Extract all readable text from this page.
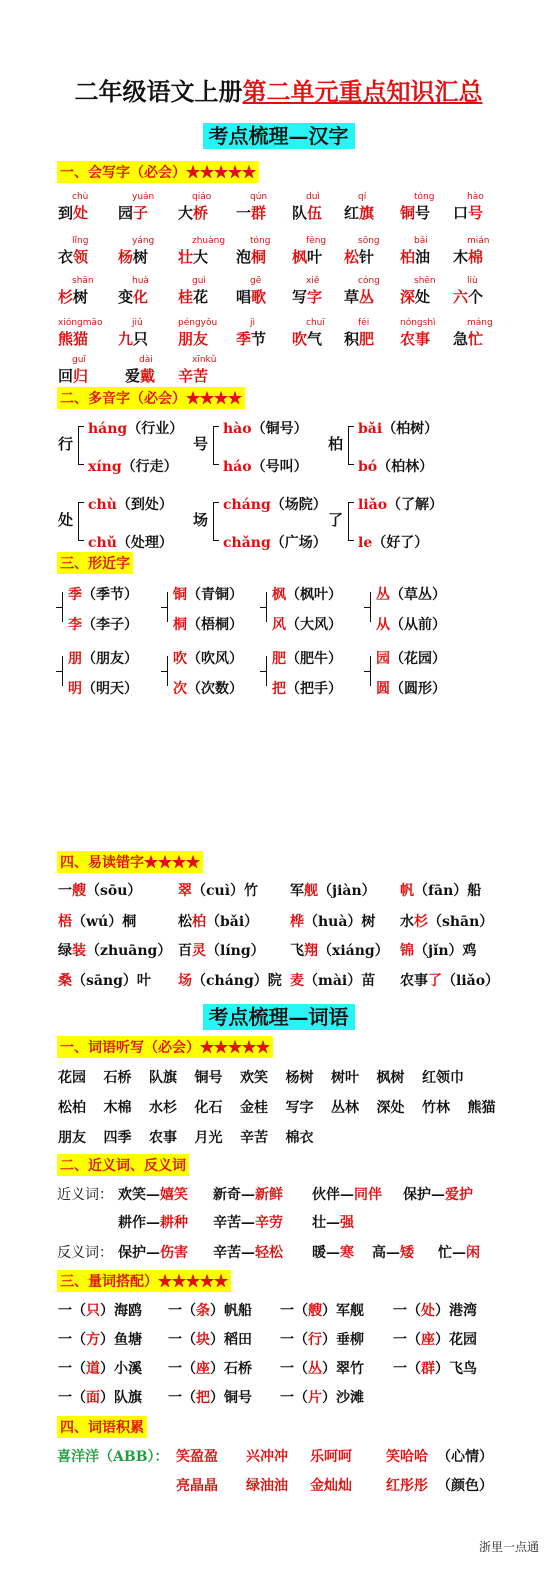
二年级语文上册第二单元重点知识汇总
考点梳理—汉字
一、会写字（必会）★★★★★
chù
到处
yuán
园子
qiáo
大桥
qún
一群
duì
队伍
qí
红旗
tóng
铜号
hào
口号
lǐng
衣领
yáng
杨树
zhuàng
壮大
tóng
泡桐
fēng
枫叶
sōng
松针
bǎi
柏油
mián
木棉
shān
杉树
huà
变化
guì
桂花
gē
唱歌
xiě
写字
cóng
草丛
shēn
深处
liù
六个
xióngmāo
熊猫
jiǔ
九只
péngyǒu
朋友
jì
季节
chuī
吹气
féi
积肥
nóngshì
农事
máng
急忙
guī
回归
dài
爱戴
xīnkǔ
辛苦
二、多音字（必会）★★★★
行
háng（行业）
xíng（行走）
号
hào（铜号）
háo（号叫）
柏
bǎi（柏树）
bó（柏林）
处
chù（到处）
chǔ（处理）
场
cháng（场院）
chǎng（广场）
了
liǎo（了解）
le（好了）
三、形近字
季（季节）
李（李子）
铜（青铜）
桐（梧桐）
枫（枫叶）
风（大风）
丛（草丛）
从（从前）
朋（朋友）
明（明天）
吹（吹风）
次（次数）
肥（肥牛）
把（把手）
园（花园）
圆（圆形）
四、易读错字★★★★
一艘（sōu）	翠（cuì）竹 军舰（jiàn） 帆（fān）船
梧（wú）桐	松柏（bǎi） 桦（huà）树 水杉（shān）
绿装（zhuāng） 百灵（líng） 飞翔（xiáng） 锦（jǐn）鸡
桑（sāng）叶 场（cháng）院 麦（mài）苗 农事了（liǎo）
考点梳理—词语
一、词语听写（必会）★★★★★
花园 石桥 队旗 铜号 欢笑 杨树 树叶 枫树 红领巾
松柏 木棉 水杉 化石 金桂 写字 丛林 深处 竹林 熊猫
朋友 四季 农事 月光 辛苦 棉衣
二、近义词、反义词
近义词：
反义词：
欢笑—嬉笑 新奇—新鲜 伙伴—同伴 保护—爱护
耕作—耕种 辛苦—辛劳 壮—强
保护—伤害 辛苦—轻松 暖—寒 高—矮 忙—闲
三、量词搭配）★★★★★
一（只）海鸥 一（条）帆船 一（艘）军舰 一（处）港湾
一（方）鱼塘 一（块）稻田 一（行）垂柳 一（座）花园
一（道）小溪 一（座）石桥 一（丛）翠竹 一（群）飞鸟
一（面）队旗 一（把）铜号 一（片）沙滩
四、词语积累
喜洋洋（ABB）： 笑盈盈 兴冲冲 乐呵呵 笑哈哈 （心情）
亮晶晶 绿油油 金灿灿 红彤彤 （颜色）
浙里一点通
